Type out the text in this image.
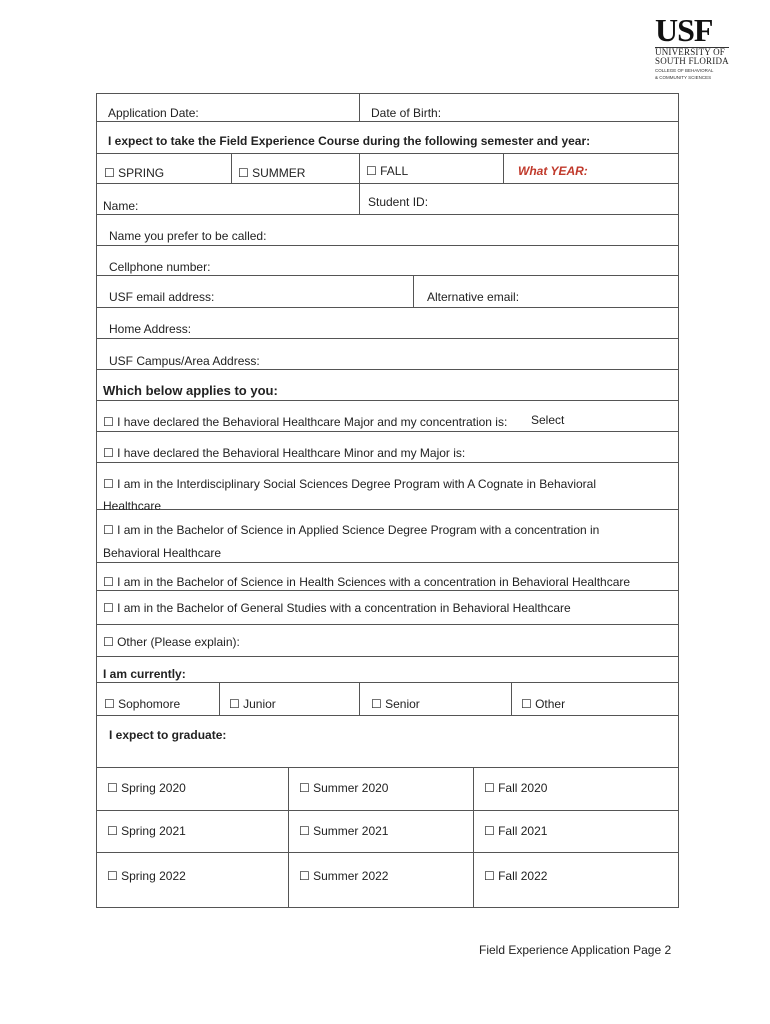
USF
UNIVERSITY OF
SOUTH FLORIDA
COLLEGE OF BEHAVIORAL
& COMMUNITY SCIENCES
Application Date:	Date of Birth:
I expect to take the Field Experience Course during the following semester and year:
☐ SPRING	☐ SUMMER	☐ FALL	What YEAR:
Name:	Student ID:
Name you prefer to be called:
Cellphone number:
USF email address:	Alternative email:
Home Address:
USF Campus/Area Address:
Which below applies to you:
☐ I have declared the Behavioral Healthcare Major and my concentration is: Select
☐ I have declared the Behavioral Healthcare Minor and my Major is:
☐ I am in the Interdisciplinary Social Sciences Degree Program with A Cognate in Behavioral
Healthcare
☐ I am in the Bachelor of Science in Applied Science Degree Program with a concentration in
Behavioral Healthcare
☐ I am in the Bachelor of Science in Health Sciences with a concentration in Behavioral Healthcare
☐ I am in the Bachelor of General Studies with a concentration in Behavioral Healthcare
☐ Other (Please explain):
I am currently:
☐ Sophomore	☐ Junior	☐ Senior	☐ Other
I expect to graduate:
☐ Spring 2020	☐ Summer 2020	☐ Fall 2020
☐ Spring 2021	☐ Summer 2021	☐ Fall 2021
☐ Spring 2022	☐ Summer 2022	☐ Fall 2022
Field Experience Application Page 2
